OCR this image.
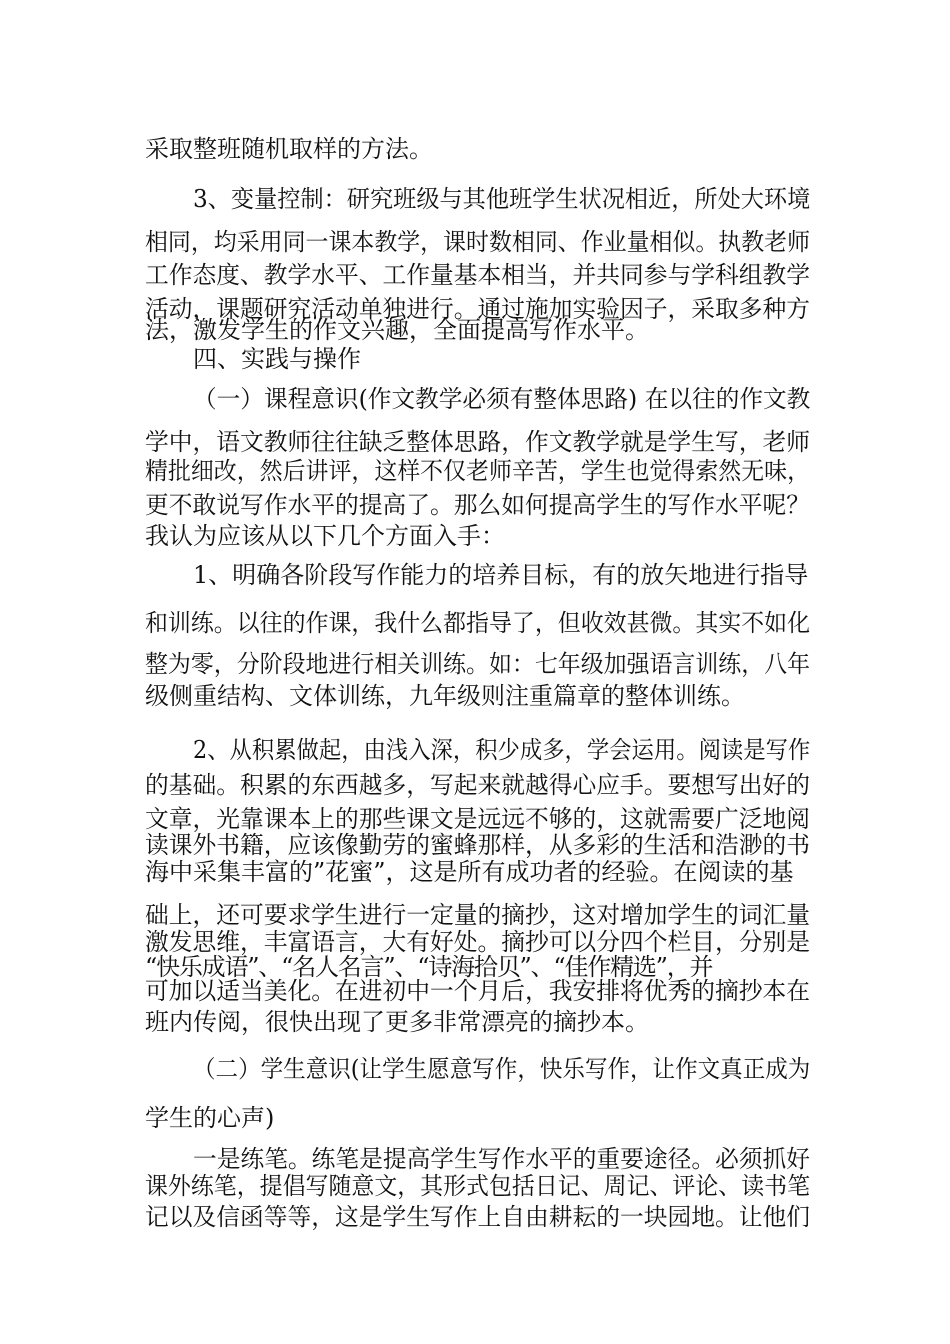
采取整班随机取样的方法。
3、变量控制：研究班级与其他班学生状况相近，所处大环境
相同，均采用同一课本教学，课时数相同、作业量相似。执教老师
工作态度、教学水平、工作量基本相当，并共同参与学科组教学
活动，课题研究活动单独进行。通过施加实验因子，采取多种方
法，激发学生的作文兴趣，全面提高写作水平。
四、实践与操作
（一）课程意识(作文教学必须有整体思路) 在以往的作文教
学中，语文教师往往缺乏整体思路，作文教学就是学生写，老师
精批细改，然后讲评，这样不仅老师辛苦，学生也觉得索然无味，
更不敢说写作水平的提高了。那么如何提高学生的写作水平呢？
我认为应该从以下几个方面入手：
1、明确各阶段写作能力的培养目标，有的放矢地进行指导
和训练。以往的作课，我什么都指导了，但收效甚微。其实不如化
整为零，分阶段地进行相关训练。如：七年级加强语言训练，八年
级侧重结构、文体训练，九年级则注重篇章的整体训练。
2、从积累做起，由浅入深，积少成多，学会运用。阅读是写作
的基础。积累的东西越多，写起来就越得心应手。要想写出好的
文章，光靠课本上的那些课文是远远不够的，这就需要广泛地阅
读课外书籍，应该像勤劳的蜜蜂那样，从多彩的生活和浩渺的书
海中采集丰富的”花蜜”，这是所有成功者的经验。在阅读的基
础上，还可要求学生进行一定量的摘抄，这对增加学生的词汇量
激发思维，丰富语言，大有好处。摘抄可以分四个栏目，分别是
“快乐成语”、“名人名言”、“诗海拾贝”、“佳作精选”，并
可加以适当美化。在进初中一个月后，我安排将优秀的摘抄本在
班内传阅，很快出现了更多非常漂亮的摘抄本。
（二）学生意识(让学生愿意写作，快乐写作，让作文真正成为
学生的心声)
一是练笔。练笔是提高学生写作水平的重要途径。必须抓好
课外练笔，提倡写随意文，其形式包括日记、周记、评论、读书笔
记以及信函等等，这是学生写作上自由耕耘的一块园地。让他们
